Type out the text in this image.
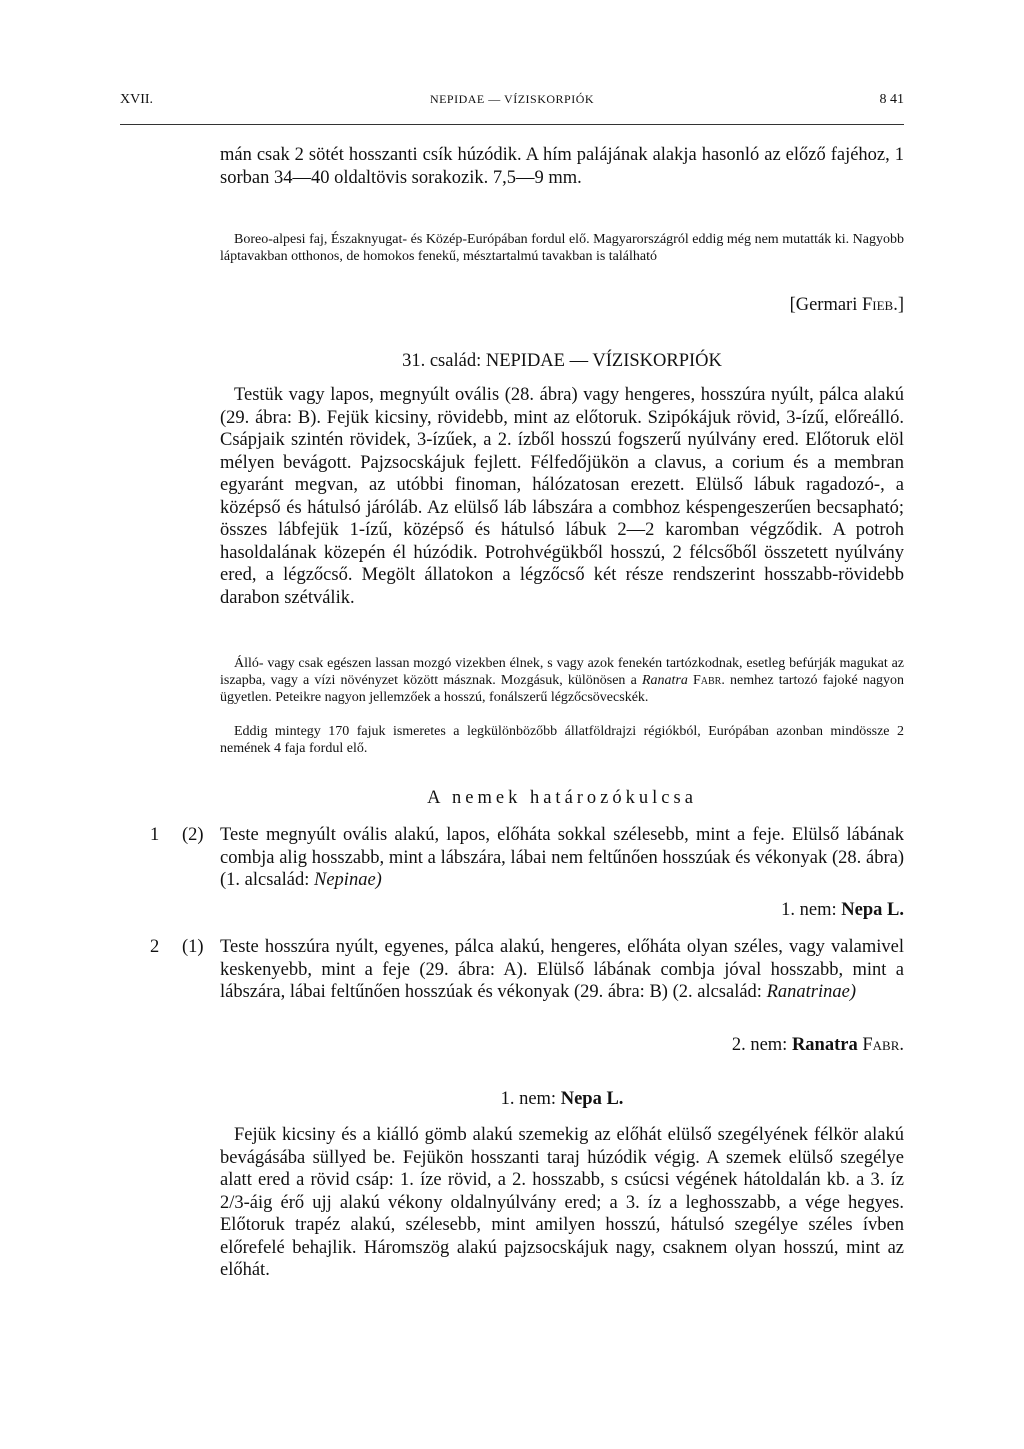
XVII.	NEPIDAE — VÍZISKORPIÓK	8 41
mán csak 2 sötét hosszanti csík húzódik. A hím palájának alakja hasonló az előző fajéhoz, 1 sorban 34—40 oldaltövis sorakozik. 7,5—9 mm.
Boreo-alpesi faj, Északnyugat- és Közép-Európában fordul elő. Magyarországról eddig még nem mutatták ki. Nagyobb láptavakban otthonos, de homokos fenekű, mésztartalmú tavakban is található
[Germari Fieb.]
31. család: NEPIDAE — VÍZISKORPIÓK
Testük vagy lapos, megnyúlt ovális (28. ábra) vagy hengeres, hosszúra nyúlt, pálca alakú (29. ábra: B). Fejük kicsiny, rövidebb, mint az előtoruk. Szipókájuk rövid, 3-ízű, előreálló. Csápjaik szintén rövidek, 3-ízűek, a 2. ízből hosszú fogszerű nyúlvány ered. Előtoruk elöl mélyen bevágott. Pajzsocskájuk fejlett. Félfedőjükön a clavus, a corium és a membran egyaránt megvan, az utóbbi finoman, hálózatosan erezett. Elülső lábuk ragadozó-, a középső és hátulsó járóláb. Az elülső láb lábszára a combhoz késpengeszerűen becsapható; összes lábfejük 1-ízű, középső és hátulsó lábuk 2—2 karomban végződik. A potroh hasoldalának közepén él húzódik. Potrohvégükből hosszú, 2 félcsőből összetett nyúlvány ered, a légzőcső. Megölt állatokon a légzőcső két része rendszerint hosszabb-rövidebb darabon szétválik.
Álló- vagy csak egészen lassan mozgó vizekben élnek, s vagy azok fenekén tartózkodnak, esetleg befúrják magukat az iszapba, vagy a vízi növényzet között másznak. Mozgásuk, különösen a Ranatra Fabr. nemhez tartozó fajoké nagyon ügyetlen. Peteikre nagyon jellemzőek a hosszú, fonálszerű légzőcsövecskék.
Eddig mintegy 170 fajuk ismeretes a legkülönbözőbb állatföldrajzi régiókból, Európában azonban mindössze 2 nemének 4 faja fordul elő.
A nemek határozókulcsa
1	(2) Teste megnyúlt ovális alakú, lapos, előháta sokkal szélesebb, mint a feje. Elülső lábának combja alig hosszabb, mint a lábszára, lábai nem feltűnően hosszúak és vékonyak (28. ábra) (1. alcsalád: Nepinae)
1. nem: Nepa L.
2	(1) Teste hosszúra nyúlt, egyenes, pálca alakú, hengeres, előháta olyan széles, vagy valamivel keskenyebb, mint a feje (29. ábra: A). Elülső lábának combja jóval hosszabb, mint a lábszára, lábai feltűnően hosszúak és vékonyak (29. ábra: B) (2. alcsalád: Ranatrinae)
2. nem: Ranatra Fabr.
1. nem: Nepa L.
Fejük kicsiny és a kiálló gömb alakú szemekig az előhát elülső szegélyének félkör alakú bevágásába süllyed be. Fejükön hosszanti taraj húzódik végig. A szemek elülső szegélye alatt ered a rövid csáp: 1. íze rövid, a 2. hosszabb, s csúcsi végének hátoldalán kb. a 3. íz 2/3-áig érő ujj alakú vékony oldalnyúlvány ered; a 3. íz a leghosszabb, a vége hegyes. Előtoruk trapéz alakú, szélesebb, mint amilyen hosszú, hátulsó szegélye széles ívben előrefelé behajlik. Háromszög alakú pajzsocskájuk nagy, csaknem olyan hosszú, mint az előhát.
